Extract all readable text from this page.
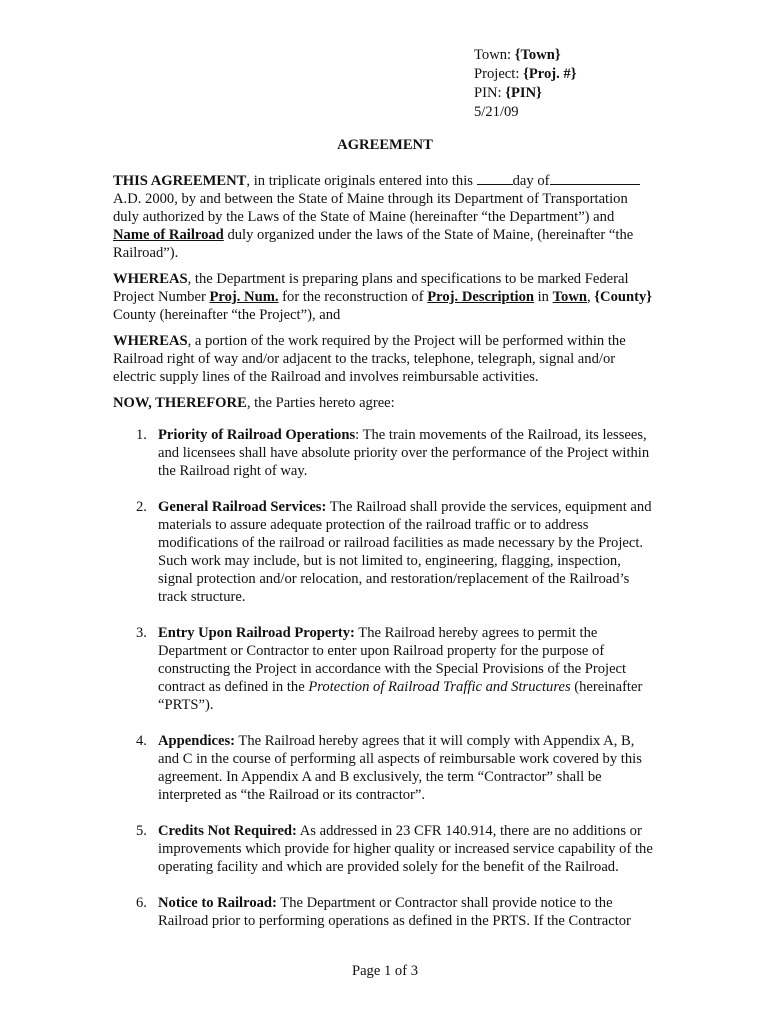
Town: {Town}
Project: {Proj. #}
PIN: {PIN}
5/21/09
AGREEMENT

THIS AGREEMENT, in triplicate originals entered into this day ofA.D. 2000, by and between the State of Maine through its Department of Transportation duly authorized by the Laws of the State of Maine (hereinafter “the Department”) and Name of Railroad duly organized under the laws of the State of Maine, (hereinafter “the Railroad”).

WHEREAS, the Department is preparing plans and specifications to be marked Federal Project Number Proj. Num. for the reconstruction of Proj. Description in Town, {County} County (hereinafter “the Project”), and

WHEREAS, a portion of the work required by the Project will be performed within the Railroad right of way and/or adjacent to the tracks, telephone, telegraph, signal and/or electric supply lines of the Railroad and involves reimbursable activities.

NOW, THEREFORE, the Parties hereto agree:

1. Priority of Railroad Operations: The train movements of the Railroad, its lessees, and licensees shall have absolute priority over the performance of the Project within the Railroad right of way.
2. General Railroad Services: The Railroad shall provide the services, equipment and materials to assure adequate protection of the railroad traffic or to address modifications of the railroad or railroad facilities as made necessary by the Project. Such work may include, but is not limited to, engineering, flagging, inspection, signal protection and/or relocation, and restoration/replacement of the Railroad’s track structure.
3. Entry Upon Railroad Property: The Railroad hereby agrees to permit the Department or Contractor to enter upon Railroad property for the purpose of constructing the Project in accordance with the Special Provisions of the Project contract as defined in the Protection of Railroad Traffic and Structures (hereinafter “PRTS”).
4. Appendices: The Railroad hereby agrees that it will comply with Appendix A, B, and C in the course of performing all aspects of reimbursable work covered by this agreement. In Appendix A and B exclusively, the term “Contractor” shall be interpreted as “the Railroad or its contractor”.
5. Credits Not Required: As addressed in 23 CFR 140.914, there are no additions or improvements which provide for higher quality or increased service capability of the operating facility and which are provided solely for the benefit of the Railroad.
6. Notice to Railroad: The Department or Contractor shall provide notice to the Railroad prior to performing operations as defined in the PRTS. If the Contractor
Page 1 of 3
